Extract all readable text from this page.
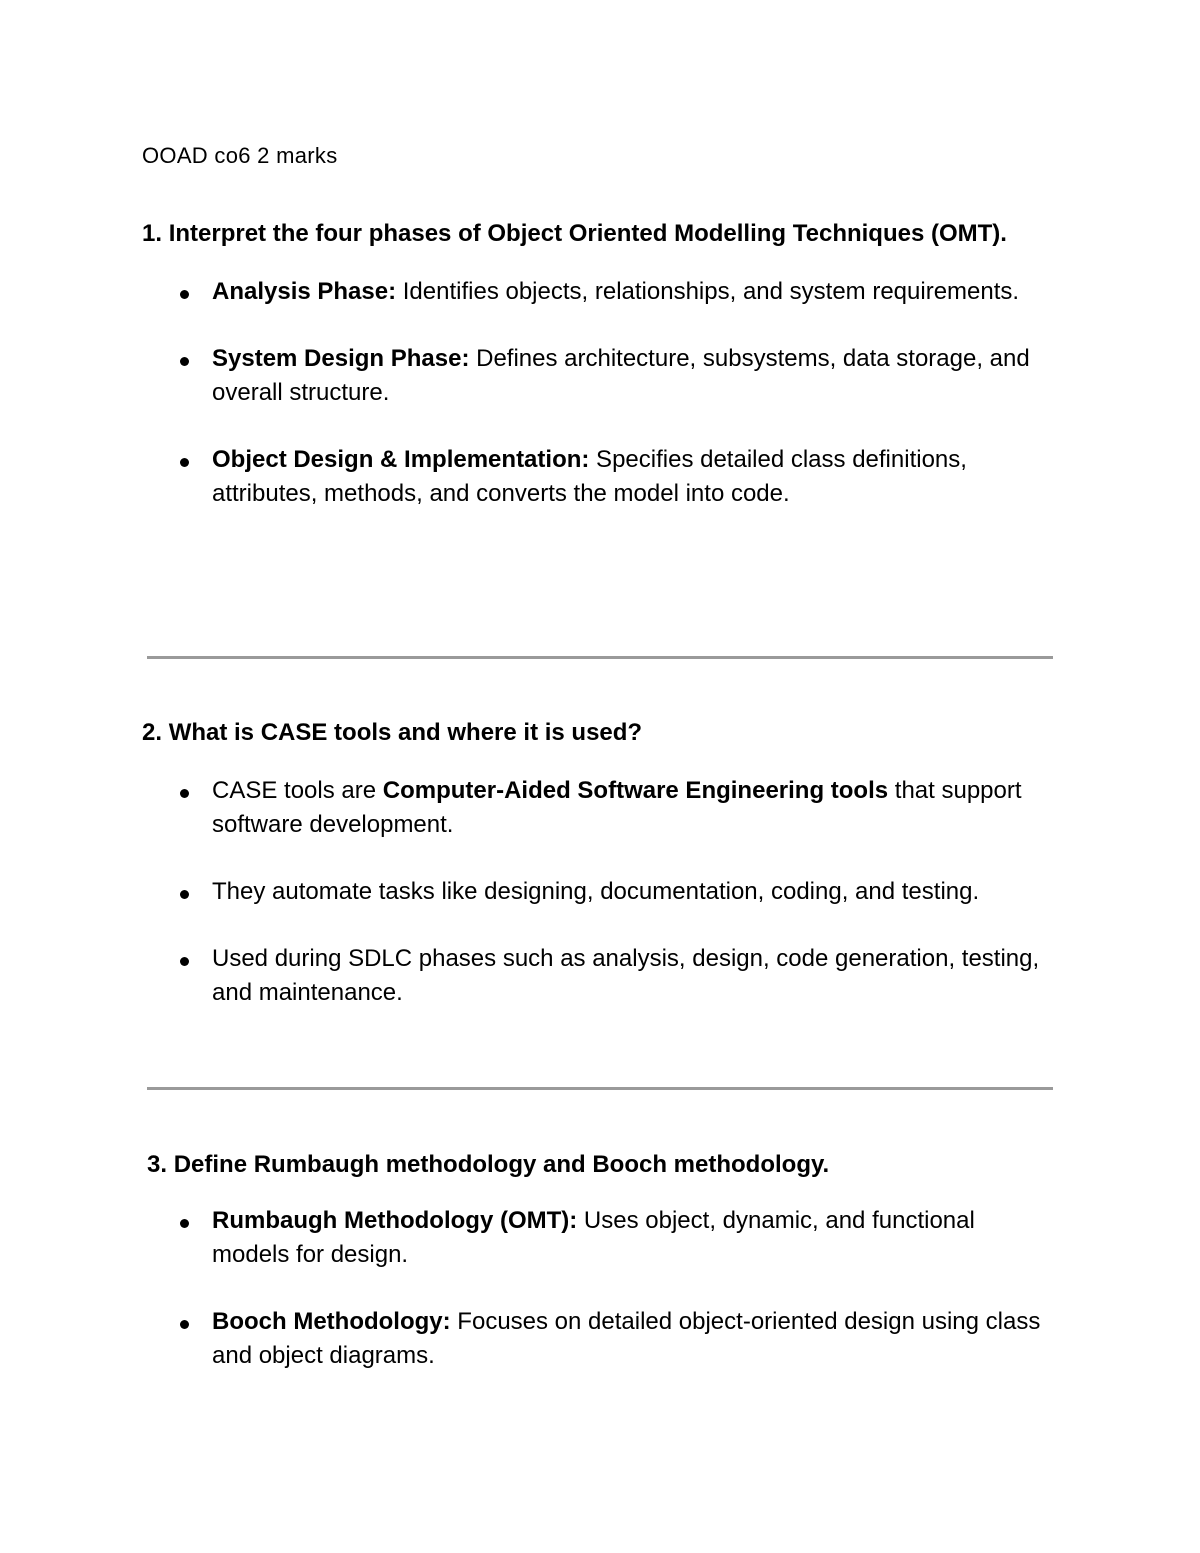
OOAD co6 2 marks

1. Interpret the four phases of Object Oriented Modelling Techniques (OMT).

Analysis Phase: Identifies objects, relationships, and system requirements.
System Design Phase: Defines architecture, subsystems, data storage, and overall structure.
Object Design & Implementation: Specifies detailed class definitions, attributes, methods, and converts the model into code.

2. What is CASE tools and where it is used?

CASE tools are Computer-Aided Software Engineering tools that support software development.
They automate tasks like designing, documentation, coding, and testing.
Used during SDLC phases such as analysis, design, code generation, testing, and maintenance.

3. Define Rumbaugh methodology and Booch methodology.

Rumbaugh Methodology (OMT): Uses object, dynamic, and functional models for design.
Booch Methodology: Focuses on detailed object-oriented design using class and object diagrams.
